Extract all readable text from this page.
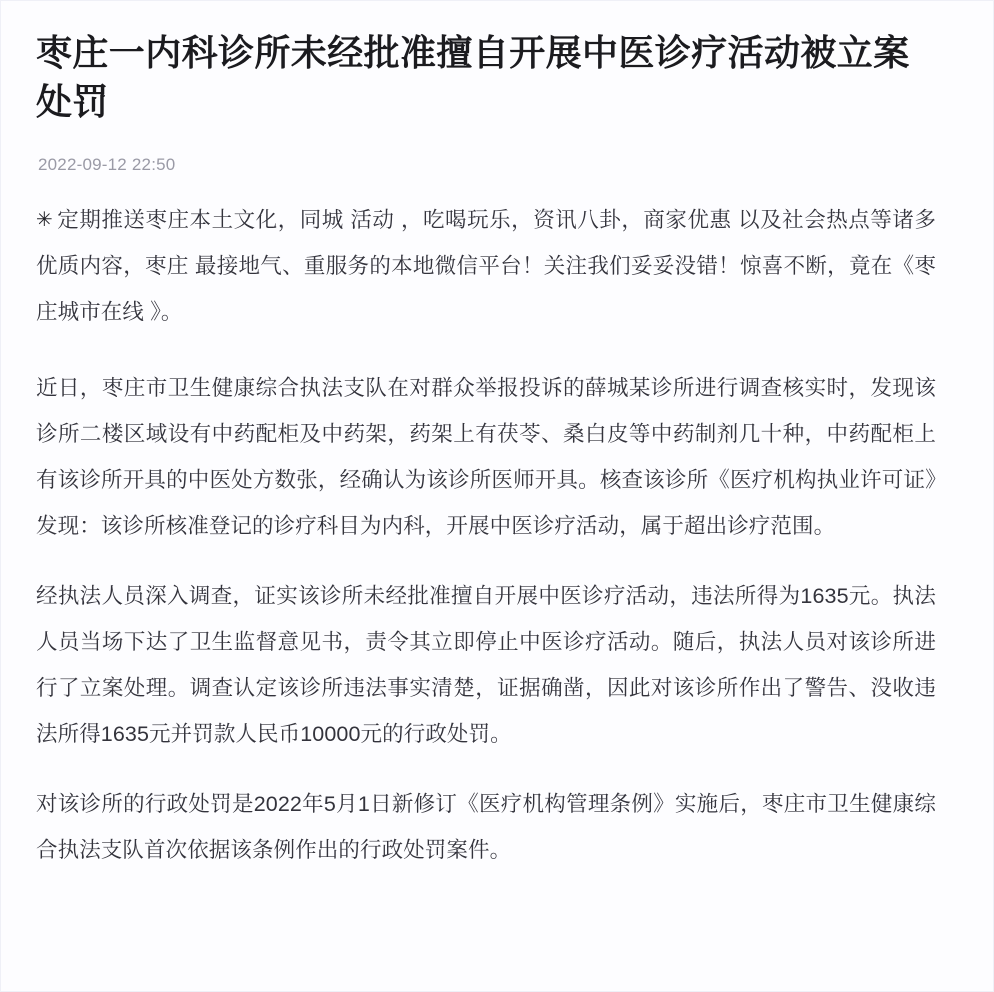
枣庄一内科诊所未经批准擅自开展中医诊疗活动被立案处罚
2022-09-12 22:50

✳ 定期推送枣庄本土文化，同城 活动 ，吃喝玩乐，资讯八卦，商家优惠 以及社会热点等诸多优质内容，枣庄 最接地气、重服务的本地微信平台！关注我们妥妥没错！惊喜不断，竟在《枣庄城市在线 》。

近日，枣庄市卫生健康综合执法支队在对群众举报投诉的薛城某诊所进行调查核实时，发现该诊所二楼区域设有中药配柜及中药架，药架上有茯苓、桑白皮等中药制剂几十种，中药配柜上有该诊所开具的中医处方数张，经确认为该诊所医师开具。核查该诊所《医疗机构执业许可证》发现：该诊所核准登记的诊疗科目为内科，开展中医诊疗活动，属于超出诊疗范围。

经执法人员深入调查，证实该诊所未经批准擅自开展中医诊疗活动，违法所得为1635元。执法人员当场下达了卫生监督意见书，责令其立即停止中医诊疗活动。随后，执法人员对该诊所进行了立案处理。调查认定该诊所违法事实清楚，证据确凿，因此对该诊所作出了警告、没收违法所得1635元并罚款人民币10000元的行政处罚。

对该诊所的行政处罚是2022年5月1日新修订《医疗机构管理条例》实施后，枣庄市卫生健康综合执法支队首次依据该条例作出的行政处罚案件。
